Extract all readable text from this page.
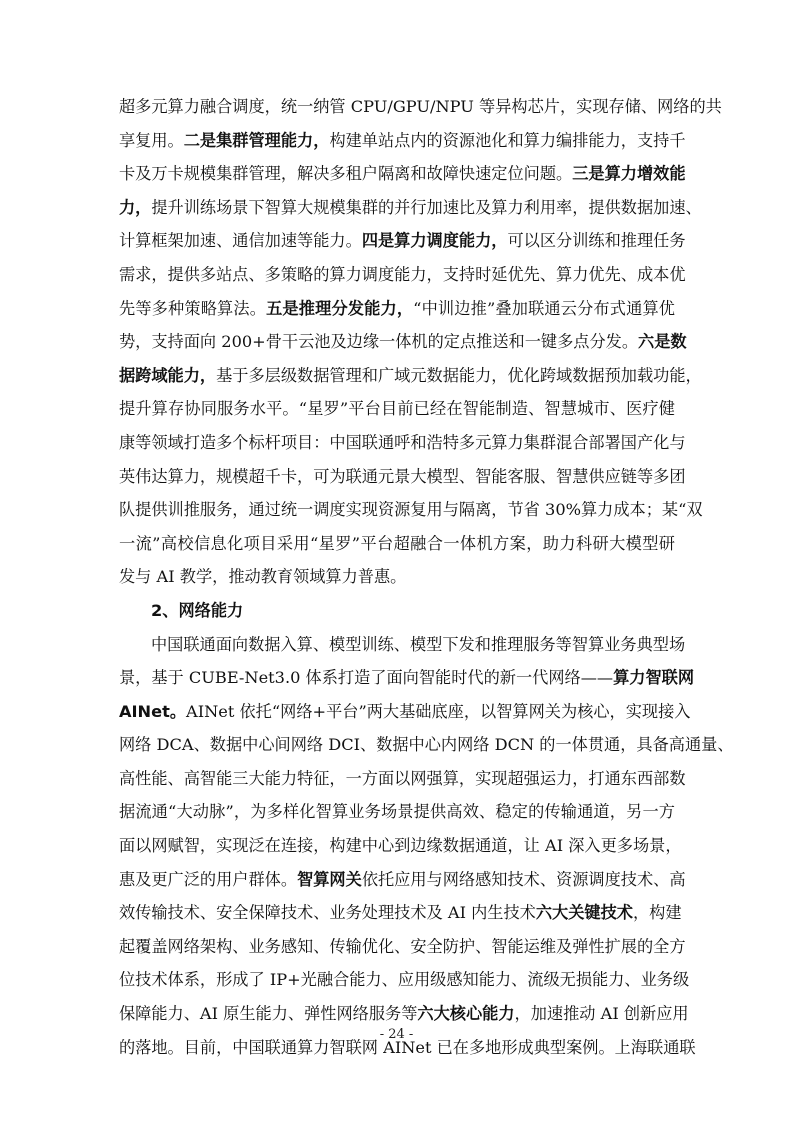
超多元算力融合调度，统一纳管 CPU/GPU/NPU 等异构芯片，实现存储、网络的共
享复用。二是集群管理能力，构建单站点内的资源池化和算力编排能力，支持千
卡及万卡规模集群管理，解决多租户隔离和故障快速定位问题。三是算力增效能
力，提升训练场景下智算大规模集群的并行加速比及算力利用率，提供数据加速、
计算框架加速、通信加速等能力。四是算力调度能力，可以区分训练和推理任务
需求，提供多站点、多策略的算力调度能力，支持时延优先、算力优先、成本优
先等多种策略算法。五是推理分发能力，“中训边推”叠加联通云分布式通算优
势，支持面向 200+骨干云池及边缘一体机的定点推送和一键多点分发。六是数
据跨域能力，基于多层级数据管理和广域元数据能力，优化跨域数据预加载功能，
提升算存协同服务水平。“星罗”平台目前已经在智能制造、智慧城市、医疗健
康等领域打造多个标杆项目：中国联通呼和浩特多元算力集群混合部署国产化与
英伟达算力，规模超千卡，可为联通元景大模型、智能客服、智慧供应链等多团
队提供训推服务，通过统一调度实现资源复用与隔离，节省 30%算力成本；某“双
一流”高校信息化项目采用“星罗”平台超融合一体机方案，助力科研大模型研
发与 AI 教学，推动教育领域算力普惠。
2、网络能力
中国联通面向数据入算、模型训练、模型下发和推理服务等智算业务典型场
景，基于 CUBE-Net3.0 体系打造了面向智能时代的新一代网络——算力智联网
AINet。AINet 依托“网络+平台”两大基础底座，以智算网关为核心，实现接入
网络 DCA、数据中心间网络 DCI、数据中心内网络 DCN 的一体贯通，具备高通量、
高性能、高智能三大能力特征，一方面以网强算，实现超强运力，打通东西部数
据流通“大动脉”，为多样化智算业务场景提供高效、稳定的传输通道，另一方
面以网赋智，实现泛在连接，构建中心到边缘数据通道，让 AI 深入更多场景，
惠及更广泛的用户群体。智算网关依托应用与网络感知技术、资源调度技术、高
效传输技术、安全保障技术、业务处理技术及 AI 内生技术六大关键技术，构建
起覆盖网络架构、业务感知、传输优化、安全防护、智能运维及弹性扩展的全方
位技术体系，形成了 IP+光融合能力、应用级感知能力、流级无损能力、业务级
保障能力、AI 原生能力、弹性网络服务等六大核心能力，加速推动 AI 创新应用
的落地。目前，中国联通算力智联网 AINet 已在多地形成典型案例。上海联通联
- 24 -
